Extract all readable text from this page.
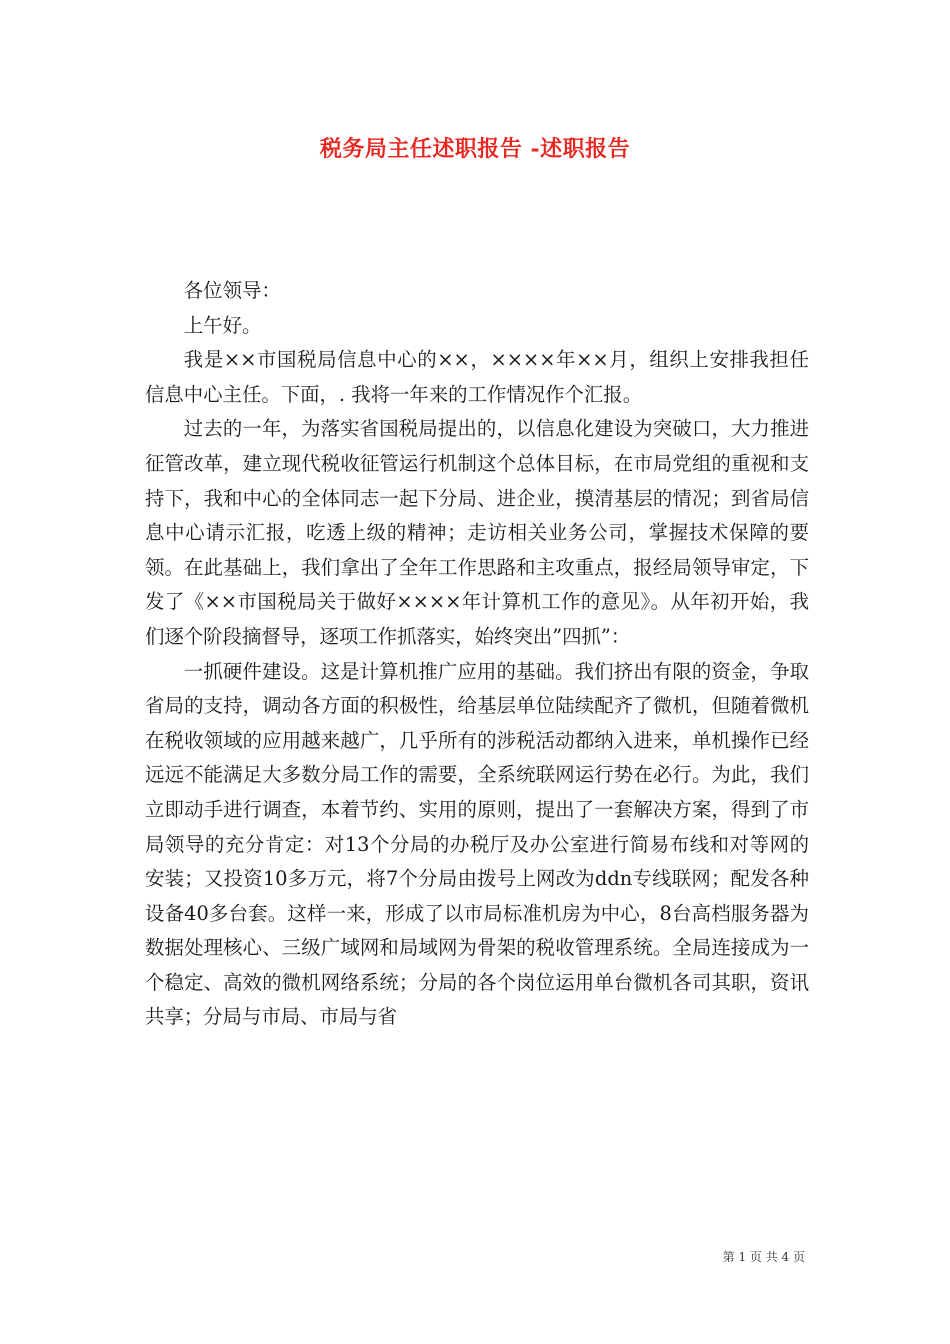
税务局主任述职报告 -述职报告

各位领导：

上午好。

我是××市国税局信息中心的××，××××年××月，组织上安排我担任信息中心主任。下面，. 我将一年来的工作情况作个汇报。

过去的一年，为落实省国税局提出的，以信息化建设为突破口，大力推进征管改革，建立现代税收征管运行机制这个总体目标，在市局党组的重视和支持下，我和中心的全体同志一起下分局、进企业，摸清基层的情况；到省局信息中心请示汇报，吃透上级的精神；走访相关业务公司，掌握技术保障的要领。在此基础上，我们拿出了全年工作思路和主攻重点，报经局领导审定，下发了《××市国税局关于做好××××年计算机工作的意见》。从年初开始，我们逐个阶段摘督导，逐项工作抓落实，始终突出”四抓”：

一抓硬件建设。这是计算机推广应用的基础。我们挤出有限的资金，争取省局的支持，调动各方面的积极性，给基层单位陆续配齐了微机，但随着微机在税收领域的应用越来越广，几乎所有的涉税活动都纳入进来，单机操作已经远远不能满足大多数分局工作的需要，全系统联网运行势在必行。为此，我们立即动手进行调查，本着节约、实用的原则，提出了一套解决方案，得到了市局领导的充分肯定：对13个分局的办税厅及办公室进行简易布线和对等网的安装；又投资10多万元，将7个分局由拨号上网改为ddn专线联网；配发各种设备40多台套。这样一来，形成了以市局标准机房为中心，8台高档服务器为数据处理核心、三级广域网和局域网为骨架的税收管理系统。全局连接成为一个稳定、高效的微机网络系统；分局的各个岗位运用单台微机各司其职，资讯共享；分局与市局、市局与省

第 1 页 共 4 页
